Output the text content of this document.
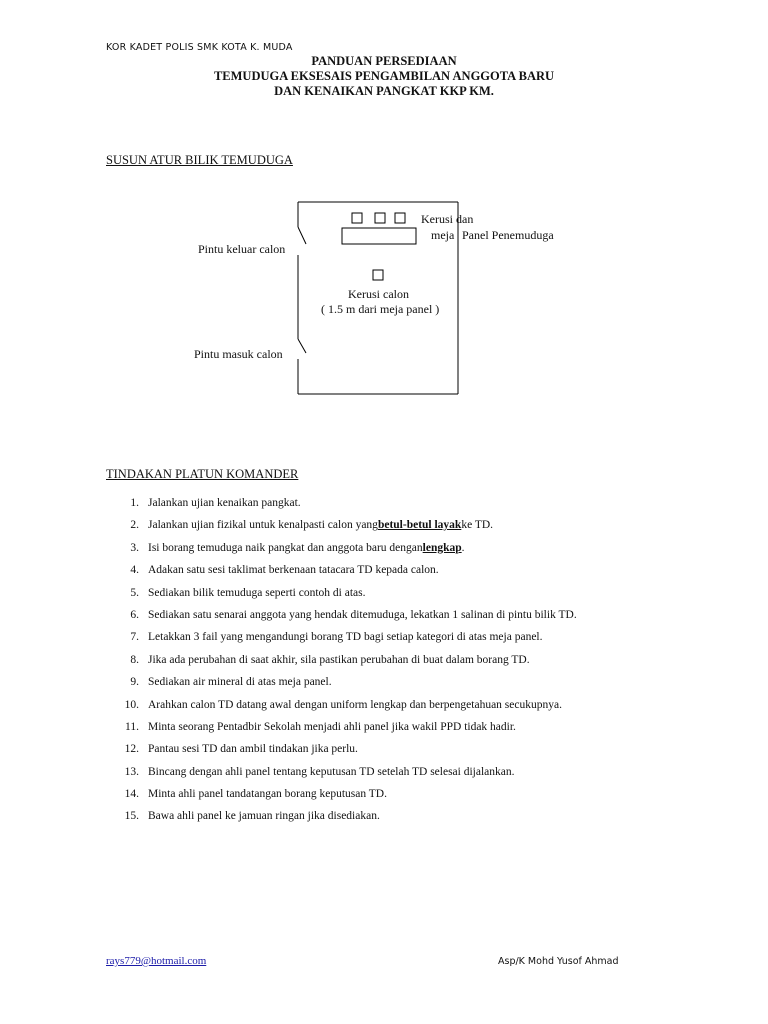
KOR KADET POLIS SMK KOTA K. MUDA
PANDUAN PERSEDIAAN
TEMUDUGA EKSESAIS PENGAMBILAN ANGGOTA BARU
DAN KENAIKAN PANGKAT KKP KM.
SUSUN ATUR BILIK TEMUDUGA
Kerusi dan
meja Panel Penemuduga
Pintu keluar calon
Kerusi calon
( 1.5 m dari meja panel )
Pintu masuk calon
TINDAKAN PLATUN KOMANDER
1. Jalankan ujian kenaikan pangkat.
2. Jalankan ujian fizikal untuk kenalpasti calon yang betul-betul layak ke TD.
3. Isi borang temuduga naik pangkat dan anggota baru dengan lengkap .
4. Adakan satu sesi taklimat berkenaan tatacara TD kepada calon.
5. Sediakan bilik temuduga seperti contoh di atas.
6. Sediakan satu senarai anggota yang hendak ditemuduga, lekatkan 1 salinan di pintu bilik TD.
7. Letakkan 3 fail yang mengandungi borang TD bagi setiap kategori di atas meja panel.
8. Jika ada perubahan di saat akhir, sila pastikan perubahan di buat dalam borang TD.
9. Sediakan air mineral di atas meja panel.
10. Arahkan calon TD datang awal dengan uniform lengkap dan berpengetahuan secukupnya.
11. Minta seorang Pentadbir Sekolah menjadi ahli panel jika wakil PPD tidak hadir.
12. Pantau sesi TD dan ambil tindakan jika perlu.
13. Bincang dengan ahli panel tentang keputusan TD setelah TD selesai dijalankan.
14. Minta ahli panel tandatangan borang keputusan TD.
15. Bawa ahli panel ke jamuan ringan jika disediakan.
rays779@hotmail.com	Asp/K Mohd Yusof Ahmad
